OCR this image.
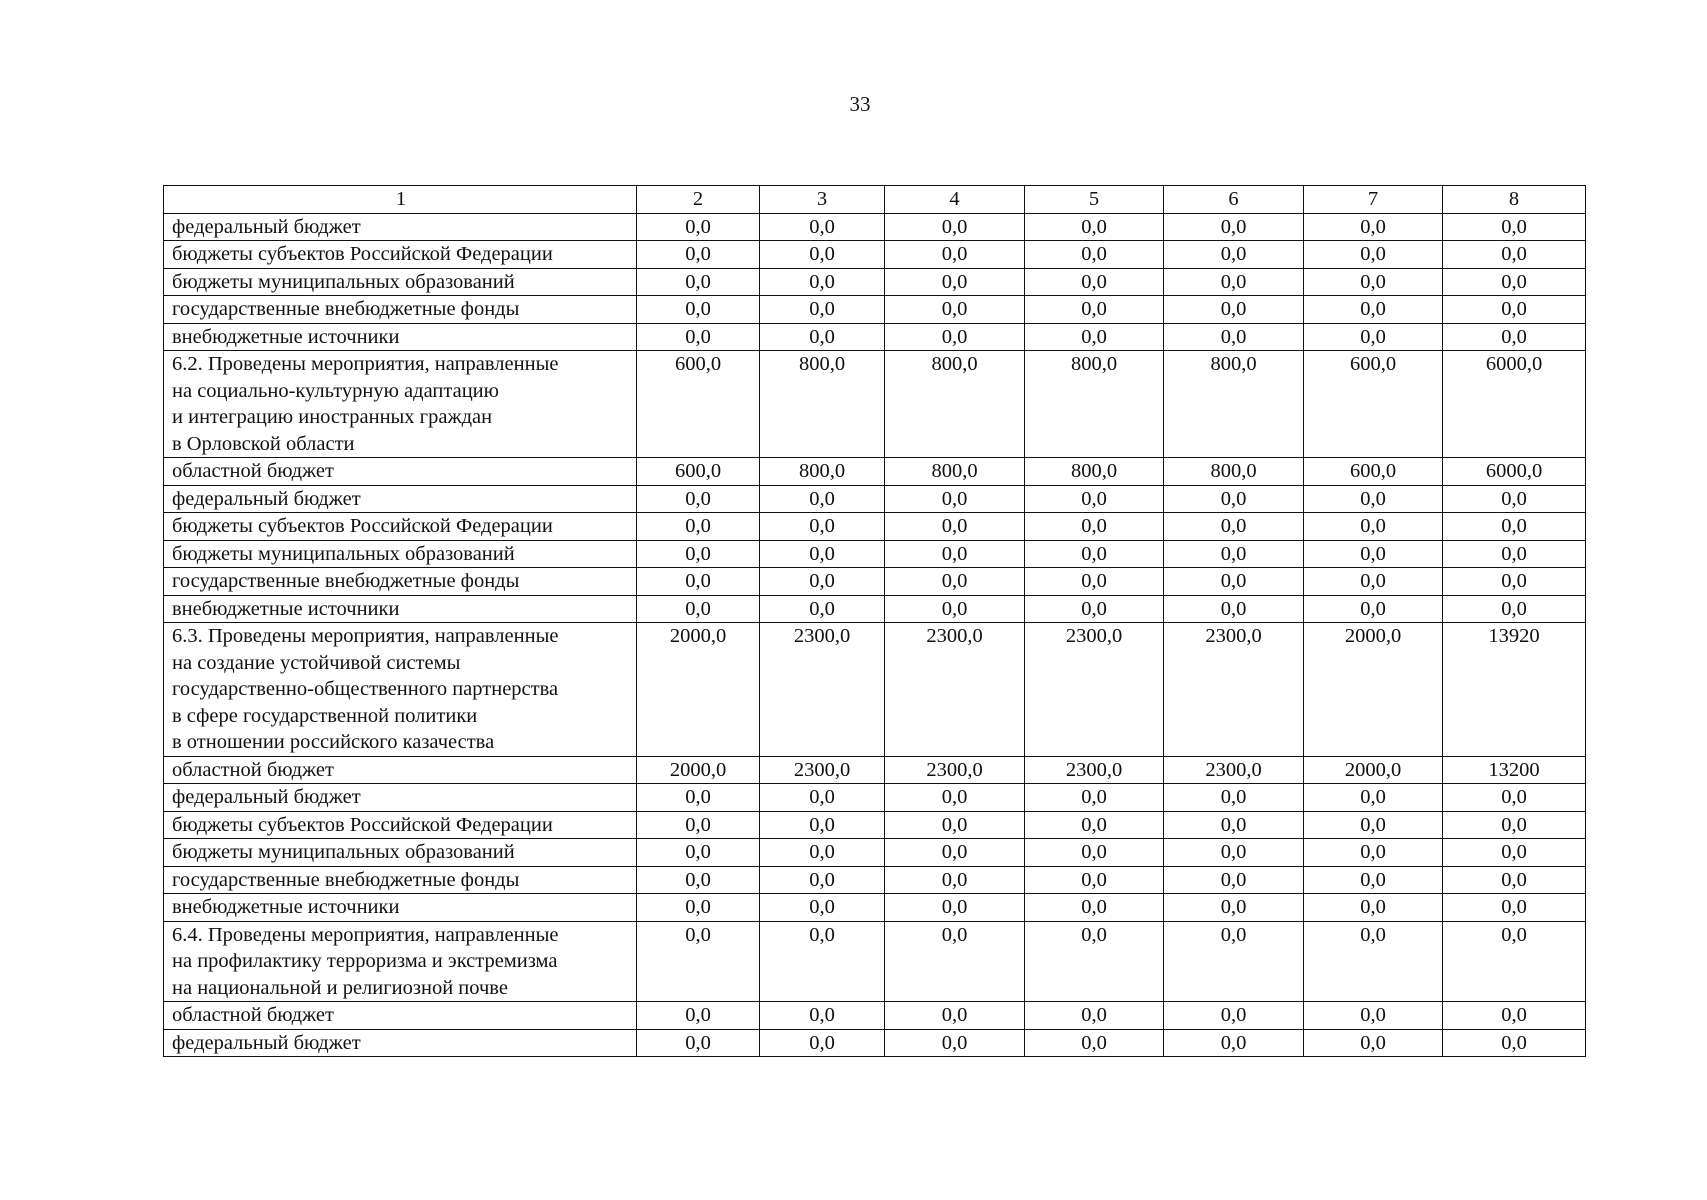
33
1	2	3	4	5	6	7	8

федеральный бюджет	0,0	0,0	0,0	0,0	0,0	0,0	0,0

бюджеты субъектов Российской Федерации	0,0	0,0	0,0	0,0	0,0	0,0	0,0

бюджеты муниципальных образований	0,0	0,0	0,0	0,0	0,0	0,0	0,0

государственные внебюджетные фонды	0,0	0,0	0,0	0,0	0,0	0,0	0,0

внебюджетные источники	0,0	0,0	0,0	0,0	0,0	0,0	0,0

6.2. Проведены мероприятия, направленные
на социально-культурную адаптацию
и интеграцию иностранных граждан
в Орловской области	600,0	800,0	800,0	800,0	800,0	600,0	6000,0

областной бюджет	600,0	800,0	800,0	800,0	800,0	600,0	6000,0

федеральный бюджет	0,0	0,0	0,0	0,0	0,0	0,0	0,0

бюджеты субъектов Российской Федерации	0,0	0,0	0,0	0,0	0,0	0,0	0,0

бюджеты муниципальных образований	0,0	0,0	0,0	0,0	0,0	0,0	0,0

государственные внебюджетные фонды	0,0	0,0	0,0	0,0	0,0	0,0	0,0

внебюджетные источники	0,0	0,0	0,0	0,0	0,0	0,0	0,0

6.3. Проведены мероприятия, направленные
на создание устойчивой системы
государственно-общественного партнерства
в сфере государственной политики
в отношении российского казачества	2000,0	2300,0	2300,0	2300,0	2300,0	2000,0	13920

областной бюджет	2000,0	2300,0	2300,0	2300,0	2300,0	2000,0	13200

федеральный бюджет	0,0	0,0	0,0	0,0	0,0	0,0	0,0

бюджеты субъектов Российской Федерации	0,0	0,0	0,0	0,0	0,0	0,0	0,0

бюджеты муниципальных образований	0,0	0,0	0,0	0,0	0,0	0,0	0,0

государственные внебюджетные фонды	0,0	0,0	0,0	0,0	0,0	0,0	0,0

внебюджетные источники	0,0	0,0	0,0	0,0	0,0	0,0	0,0

6.4. Проведены мероприятия, направленные
на профилактику терроризма и экстремизма
на национальной и религиозной почве	0,0	0,0	0,0	0,0	0,0	0,0	0,0

областной бюджет	0,0	0,0	0,0	0,0	0,0	0,0	0,0

федеральный бюджет	0,0	0,0	0,0	0,0	0,0	0,0	0,0
